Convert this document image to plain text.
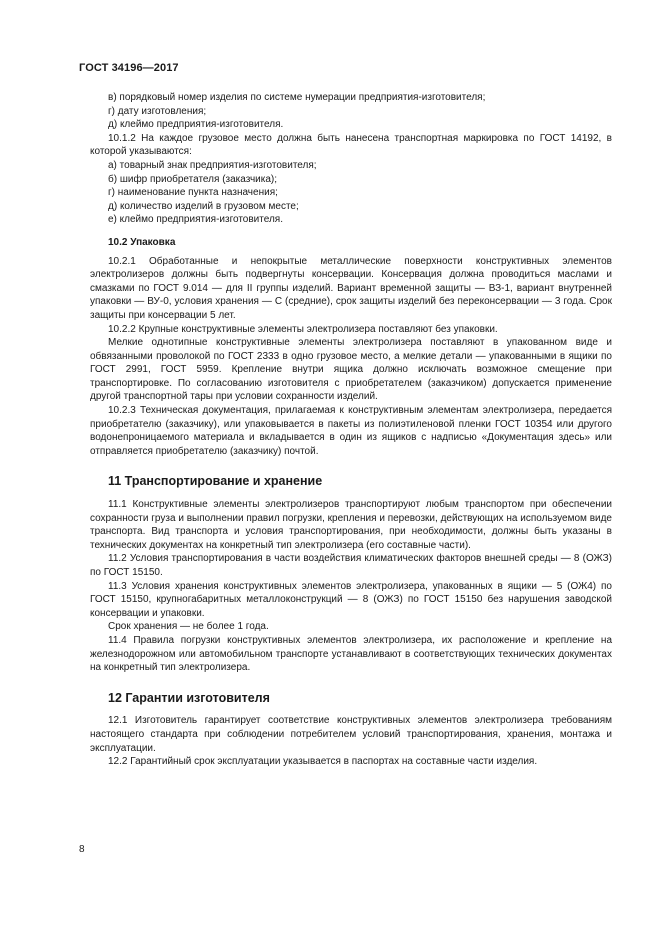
ГОСТ 34196—2017

в) порядковый номер изделия по системе нумерации предприятия-изготовителя;

г) дату изготовления;

д) клеймо предприятия-изготовителя.

10.1.2 На каждое грузовое место должна быть нанесена транспортная маркировка по ГОСТ 14192, в которой указываются:

а) товарный знак предприятия-изготовителя;

б) шифр приобретателя (заказчика);

г) наименование пункта назначения;

д) количество изделий в грузовом месте;

е) клеймо предприятия-изготовителя.

10.2 Упаковка

10.2.1 Обработанные и непокрытые металлические поверхности конструктивных элементов электролизеров должны быть подвергнуты консервации. Консервация должна проводиться маслами и смазками по ГОСТ 9.014 — для II группы изделий. Вариант временной защиты — ВЗ-1, вариант внутренней упаковки — ВУ-0, условия хранения — С (средние), срок защиты изделий без переконсервации — 3 года. Срок защиты при консервации 5 лет.

10.2.2 Крупные конструктивные элементы электролизера поставляют без упаковки.

Мелкие однотипные конструктивные элементы электролизера поставляют в упакованном виде и обвязанными проволокой по ГОСТ 2333 в одно грузовое место, а мелкие детали — упакованными в ящики по ГОСТ 2991, ГОСТ 5959. Крепление внутри ящика должно исключать возможное смещение при транспортировке. По согласованию изготовителя с приобретателем (заказчиком) допускается применение другой транспортной тары при условии сохранности изделий.

10.2.3 Техническая документация, прилагаемая к конструктивным элементам электролизера, передается приобретателю (заказчику), или упаковывается в пакеты из полиэтиленовой пленки ГОСТ 10354 или другого водонепроницаемого материала и вкладывается в один из ящиков с надписью «Документация здесь» или отправляется приобретателю (заказчику) почтой.

11 Транспортирование и хранение

11.1 Конструктивные элементы электролизеров транспортируют любым транспортом при обеспечении сохранности груза и выполнении правил погрузки, крепления и перевозки, действующих на используемом виде транспорта. Вид транспорта и условия транспортирования, при необходимости, должны быть указаны в технических документах на конкретный тип электролизера (его составные части).

11.2 Условия транспортирования в части воздействия климатических факторов внешней среды — 8 (ОЖЗ) по ГОСТ 15150.

11.3 Условия хранения конструктивных элементов электролизера, упакованных в ящики — 5 (ОЖ4) по ГОСТ 15150, крупногабаритных металлоконструкций — 8 (ОЖЗ) по ГОСТ 15150 без нарушения заводской консервации и упаковки.

Срок хранения — не более 1 года.

11.4 Правила погрузки конструктивных элементов электролизера, их расположение и крепление на железнодорожном или автомобильном транспорте устанавливают в соответствующих технических документах на конкретный тип электролизера.

12 Гарантии изготовителя

12.1 Изготовитель гарантирует соответствие конструктивных элементов электролизера требованиям настоящего стандарта при соблюдении потребителем условий транспортирования, хранения, монтажа и эксплуатации.

12.2 Гарантийный срок эксплуатации указывается в паспортах на составные части изделия.

8
